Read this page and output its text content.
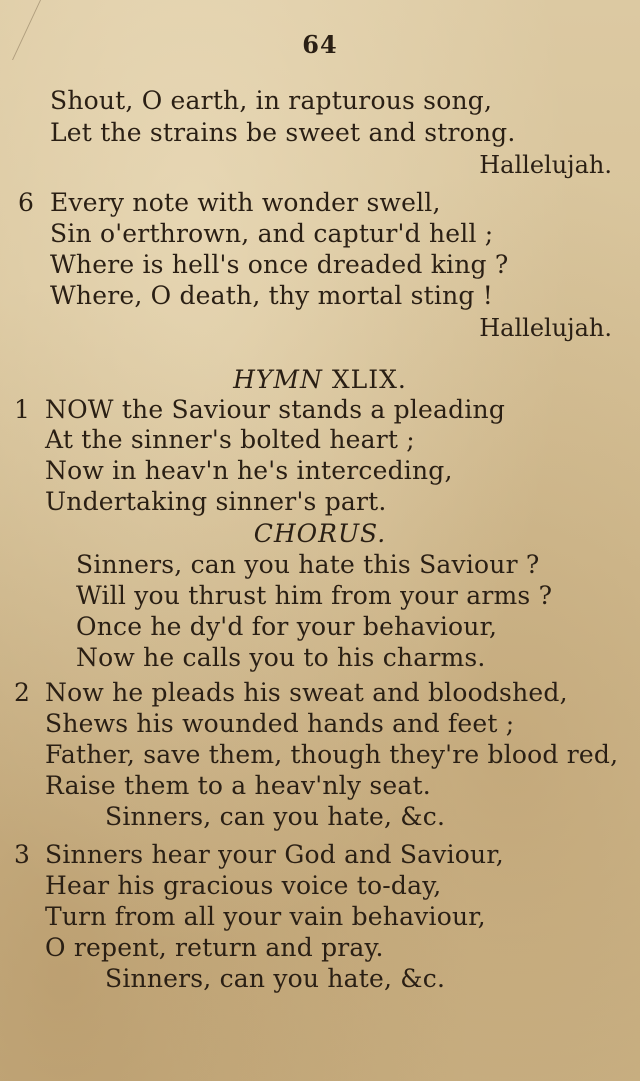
64
Shout, O earth, in rapturous song,
Let the strains be sweet and strong.
Hallelujah.
6 Every note with wonder swell,
Sin o'erthrown, and captur'd hell ;
Where is hell's once dreaded king ?
Where, O death, thy mortal sting !
Hallelujah.
HYMN XLIX.
1 NOW the Saviour stands a pleading
At the sinner's bolted heart ;
Now in heav'n he's interceding,
Undertaking sinner's part.
CHORUS.
Sinners, can you hate this Saviour ?
Will you thrust him from your arms ?
Once he dy'd for your behaviour,
Now he calls you to his charms.
2 Now he pleads his sweat and bloodshed,
Shews his wounded hands and feet ;
Father, save them, though they're blood red,
Raise them to a heav'nly seat.
Sinners, can you hate, &c.
3 Sinners hear your God and Saviour,
Hear his gracious voice to-day,
Turn from all your vain behaviour,
O repent, return and pray.
Sinners, can you hate, &c.
